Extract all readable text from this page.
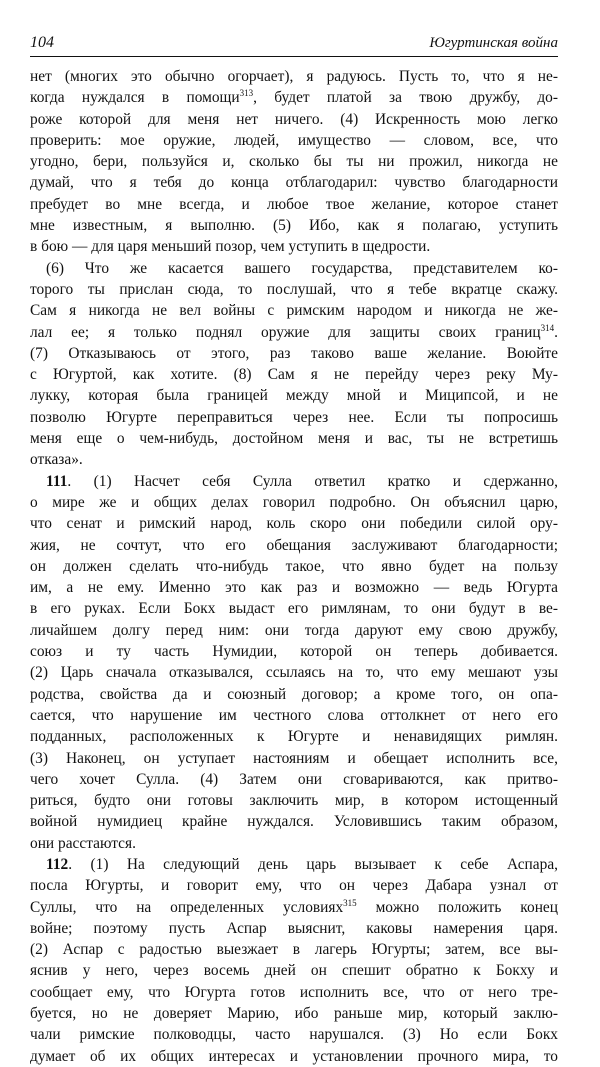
104	Югуртинская война
нет (многих это обычно огорчает), я радуюсь. Пусть то, что я не-
когда нуждался в помощи$^{313}$, будет платой за твою дружбу, до-
роже которой для меня нет ничего. (4) Искренность мою легко
проверить: мое оружие, людей, имущество — словом, все, что
угодно, бери, пользуйся и, сколько бы ты ни прожил, никогда не
думай, что я тебя до конца отблагодарил: чувство благодарности
пребудет во мне всегда, и любое твое желание, которое станет
мне известным, я выполню. (5) Ибо, как я полагаю, уступить
в бою — для царя меньший позор, чем уступить в щедрости.
(6) Что же касается вашего государства, представителем ко-
торого ты прислан сюда, то послушай, что я тебе вкратце скажу.
Сам я никогда не вел войны с римским народом и никогда не же-
лал ее; я только поднял оружие для защиты своих границ$^{314}$.
(7) Отказываюсь от этого, раз таково ваше желание. Воюйте
с Югуртой, как хотите. (8) Сам я не перейду через реку Му-
лукку, которая была границей между мной и Миципсой, и не
позволю Югурте переправиться через нее. Если ты попросишь
меня еще о чем-нибудь, достойном меня и вас, ты не встретишь
отказа».
111. (1) Насчет себя Сулла ответил кратко и сдержанно,
о мире же и общих делах говорил подробно. Он объяснил царю,
что сенат и римский народ, коль скоро они победили силой ору-
жия, не сочтут, что его обещания заслуживают благодарности;
он должен сделать что-нибудь такое, что явно будет на пользу
им, а не ему. Именно это как раз и возможно — ведь Югурта
в его руках. Если Бокх выдаст его римлянам, то они будут в ве-
личайшем долгу перед ним: они тогда даруют ему свою дружбу,
союз и ту часть Нумидии, которой он теперь добивается.
(2) Царь сначала отказывался, ссылаясь на то, что ему мешают узы
родства, свойства да и союзный договор; а кроме того, он опа-
сается, что нарушение им честного слова оттолкнет от него его
подданных, расположенных к Югурте и ненавидящих римлян.
(3) Наконец, он уступает настояниям и обещает исполнить все,
чего хочет Сулла. (4) Затем они сговариваются, как притво-
риться, будто они готовы заключить мир, в котором истощенный
войной нумидиец крайне нуждался. Условившись таким образом,
они расстаются.
112. (1) На следующий день царь вызывает к себе Аспара,
посла Югурты, и говорит ему, что он через Дабара узнал от
Суллы, что на определенных условиях$^{315}$ можно положить конец
войне; поэтому пусть Аспар выяснит, каковы намерения царя.
(2) Аспар с радостью выезжает в лагерь Югурты; затем, все вы-
яснив у него, через восемь дней он спешит обратно к Бокху и
сообщает ему, что Югурта готов исполнить все, что от него тре-
буется, но не доверяет Марию, ибо раньше мир, который заклю-
чали римские полководцы, часто нарушался. (3) Но если Бокх
думает об их общих интересах и установлении прочного мира, то
